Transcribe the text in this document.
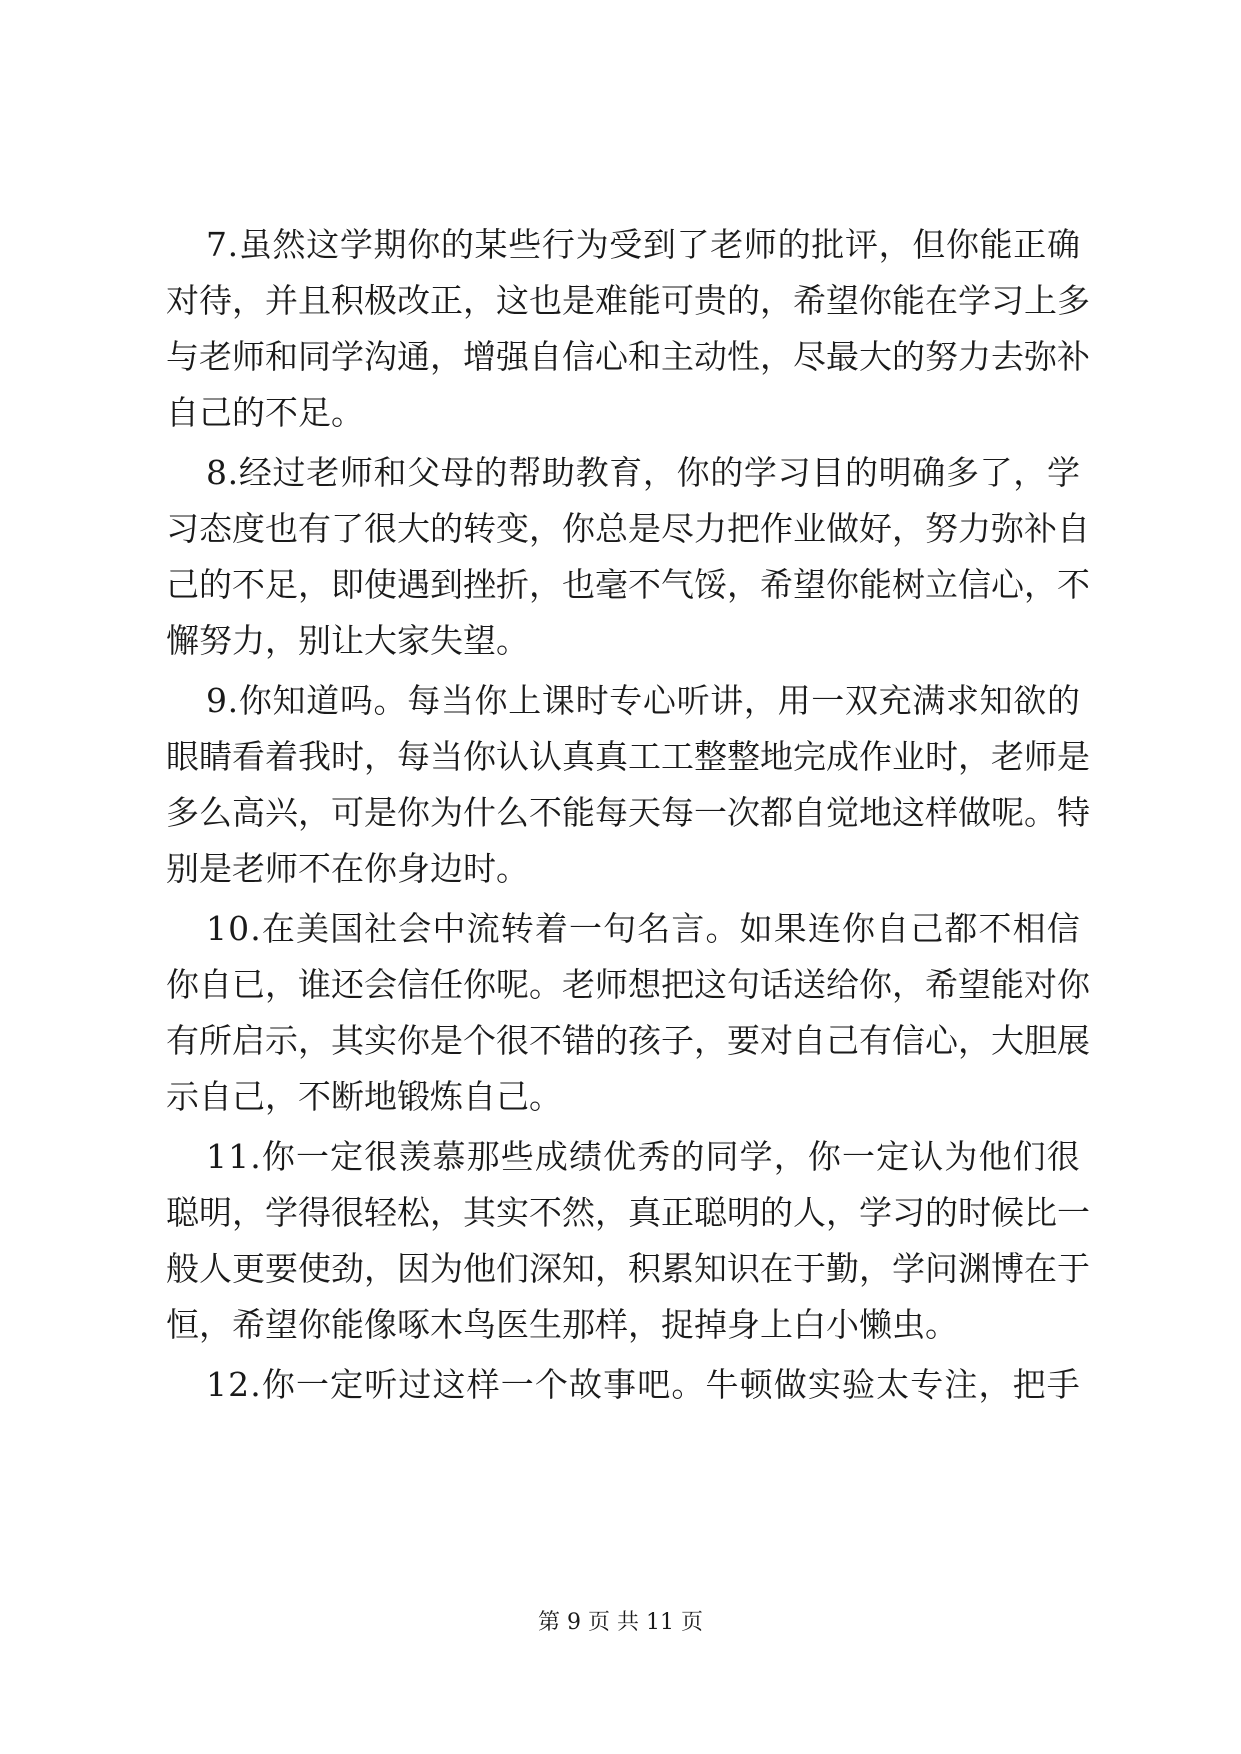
7 . 虽 然 这 学 期 你 的 某 些 行 为 受 到 了 老 师 的 批 评 ， 但 你 能 正 确
对 待 ， 并 且 积 极 改 正 ， 这 也 是 难 能 可 贵 的 ， 希 望 你 能 在 学 习 上 多
与 老 师 和 同 学 沟 通 ， 增 强 自 信 心 和 主 动 性 ， 尽 最 大 的 努 力 去 弥 补
自己的不足。
8 . 经 过 老 师 和 父 母 的 帮 助 教 育 ， 你 的 学 习 目 的 明 确 多 了 ， 学
习 态 度 也 有 了 很 大 的 转 变 ， 你 总 是 尽 力 把 作 业 做 好 ， 努 力 弥 补 自
己 的 不 足 ， 即 使 遇 到 挫 折 ， 也 毫 不 气 馁 ， 希 望 你 能 树 立 信 心 ， 不
懈努力，别让大家失望。
9 . 你 知 道 吗 。 每 当 你 上 课 时 专 心 听 讲 ， 用 一 双 充 满 求 知 欲 的
眼 睛 看 着 我 时 ， 每 当 你 认 认 真 真 工 工 整 整 地 完 成 作 业 时 ， 老 师 是
多 么 高 兴 ， 可 是 你 为 什 么 不 能 每 天 每 一 次 都 自 觉 地 这 样 做 呢 。 特
别是老师不在你身边时。
1 0 . 在 美 国 社 会 中 流 转 着 一 句 名 言 。 如 果 连 你 自 己 都 不 相 信
你 自 已 ， 谁 还 会 信 任 你 呢 。 老 师 想 把 这 句 话 送 给 你 ， 希 望 能 对 你
有 所 启 示 ， 其 实 你 是 个 很 不 错 的 孩 子 ， 要 对 自 己 有 信 心 ， 大 胆 展
示自己，不断地锻炼自己。
1 1 . 你 一 定 很 羡 慕 那 些 成 绩 优 秀 的 同 学 ， 你 一 定 认 为 他 们 很
聪 明 ， 学 得 很 轻 松 ， 其 实 不 然 ， 真 正 聪 明 的 人 ， 学 习 的 时 候 比 一
般 人 更 要 使 劲 ， 因 为 他 们 深 知 ， 积 累 知 识 在 于 勤 ， 学 问 渊 博 在 于
恒，希望你能像啄木鸟医生那样，捉掉身上白小懒虫。
1 2 . 你 一 定 听 过 这 样 一 个 故 事 吧 。 牛 顿 做 实 验 太 专 注 ， 把 手
第 9 页 共 11 页
